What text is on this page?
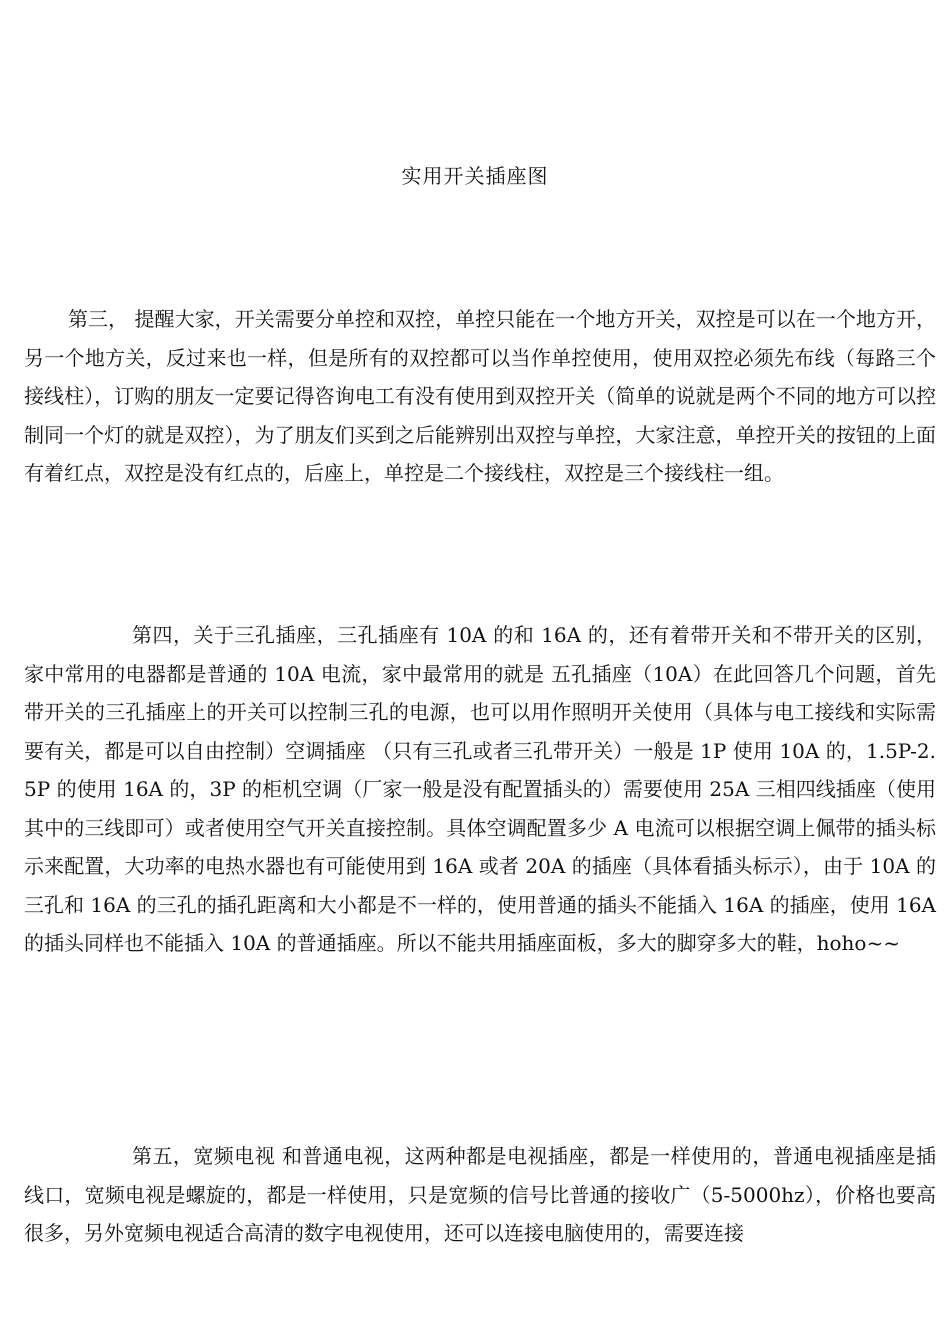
实用开关插座图
第三， 提醒大家，开关需要分单控和双控，单控只能在一个地方开关，双控是可以在一个地方开，另一个地方关，反过来也一样，但是所有的双控都可以当作单控使用，使用双控必须先布线（每路三个接线柱），订购的朋友一定要记得咨询电工有没有使用到双控开关（简单的说就是两个不同的地方可以控制同一个灯的就是双控），为了朋友们买到之后能辨别出双控与单控，大家注意，单控开关的按钮的上面有着红点，双控是没有红点的，后座上，单控是二个接线柱，双控是三个接线柱一组。
第四，关于三孔插座，三孔插座有 10A 的和 16A 的，还有着带开关和不带开关的区别，家中常用的电器都是普通的 10A 电流，家中最常用的就是 五孔插座（10A）在此回答几个问题，首先带开关的三孔插座上的开关可以控制三孔的电源，也可以用作照明开关使用（具体与电工接线和实际需要有关，都是可以自由控制）空调插座 （只有三孔或者三孔带开关）一般是 1P 使用 10A 的，1.5P-2.5P 的使用 16A 的，3P 的柜机空调（厂家一般是没有配置插头的）需要使用 25A 三相四线插座（使用其中的三线即可）或者使用空气开关直接控制。具体空调配置多少 A 电流可以根据空调上佩带的插头标示来配置，大功率的电热水器也有可能使用到 16A 或者 20A 的插座（具体看插头标示），由于 10A 的三孔和 16A 的三孔的插孔距离和大小都是不一样的，使用普通的插头不能插入 16A 的插座，使用 16A 的插头同样也不能插入 10A 的普通插座。所以不能共用插座面板，多大的脚穿多大的鞋，hoho~~
第五，宽频电视 和普通电视，这两种都是电视插座，都是一样使用的，普通电视插座是插线口，宽频电视是螺旋的，都是一样使用，只是宽频的信号比普通的接收广（5-5000hz），价格也要高很多，另外宽频电视适合高清的数字电视使用，还可以连接电脑使用的，需要连接
